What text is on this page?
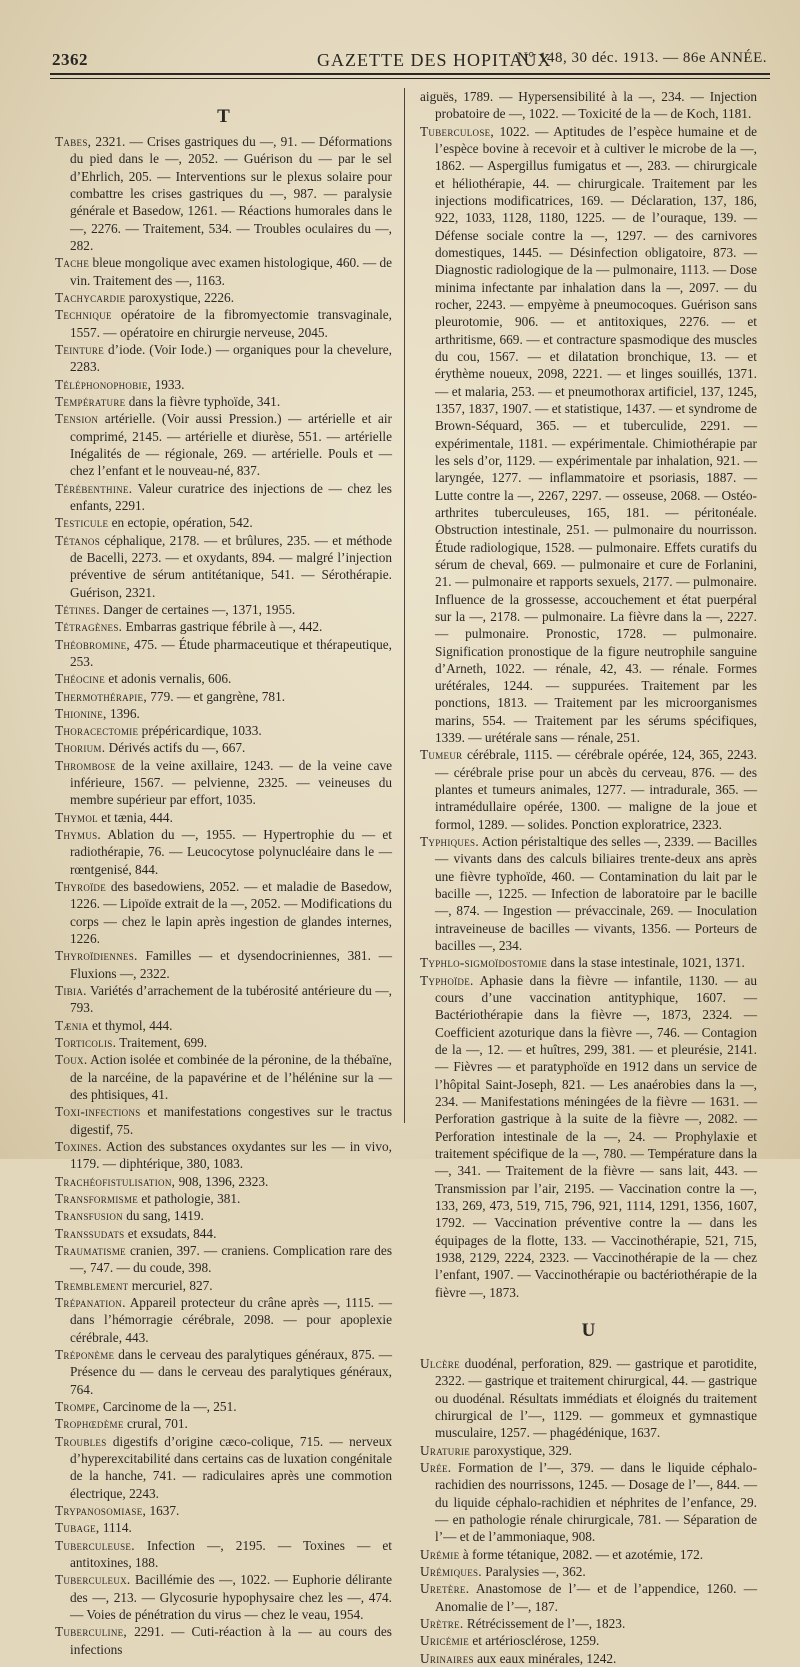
2362	GAZETTE DES HOPITAUX
N° 148, 30 déc. 1913. — 86e ANNÉE.
T

Tabes, 2321. — Crises gastriques du —, 91. — Déformations du pied dans le —, 2052. — Guérison du — par le sel d’Ehrlich, 205. — Interventions sur le plexus solaire pour combattre les crises gastriques du —, 987. — paralysie générale et Basedow, 1261. — Réactions humorales dans le —, 2276. — Traitement, 534. — Troubles oculaires du —, 282.

Tache bleue mongolique avec examen histologique, 460. — de vin. Traitement des —, 1163.

Tachycardie paroxystique, 2226.

Technique opératoire de la fibromyectomie transvaginale, 1557. — opératoire en chirurgie nerveuse, 2045.

Teinture d’iode. (Voir Iode.) — organiques pour la chevelure, 2283.

Téléphonophobie, 1933.

Température dans la fièvre typhoïde, 341.

Tension artérielle. (Voir aussi Pression.) — artérielle et air comprimé, 2145. — artérielle et diurèse, 551. — artérielle Inégalités de — régionale, 269. — artérielle. Pouls et — chez l’enfant et le nouveau-né, 837.

Térébenthine. Valeur curatrice des injections de — chez les enfants, 2291.

Testicule en ectopie, opération, 542.

Tétanos céphalique, 2178. — et brûlures, 235. — et méthode de Bacelli, 2273. — et oxydants, 894. — malgré l’injection préventive de sérum antitétanique, 541. — Sérothérapie. Guérison, 2321.

Tétines. Danger de certaines —, 1371, 1955.

Tétragènes. Embarras gastrique fébrile à —, 442.

Théobromine, 475. — Étude pharmaceutique et thérapeutique, 253.

Théocine et adonis vernalis, 606.

Thermothérapie, 779. — et gangrène, 781.

Thionine, 1396.

Thoracectomie prépéricardique, 1033.

Thorium. Dérivés actifs du —, 667.

Thrombose de la veine axillaire, 1243. — de la veine cave inférieure, 1567. — pelvienne, 2325. — veineuses du membre supérieur par effort, 1035.

Thymol et tænia, 444.

Thymus. Ablation du —, 1955. — Hypertrophie du — et radiothérapie, 76. — Leucocytose polynucléaire dans le — rœntgenisé, 844.

Thyroïde des basedowiens, 2052. — et maladie de Basedow, 1226. — Lipoïde extrait de la —, 2052. — Modifications du corps — chez le lapin après ingestion de glandes internes, 1226.

Thyroïdiennes. Familles — et dysendocriniennes, 381. — Fluxions —, 2322.

Tibia. Variétés d’arrachement de la tubérosité antérieure du —, 793.

Tænia et thymol, 444.

Torticolis. Traitement, 699.

Toux. Action isolée et combinée de la péronine, de la thébaïne, de la narcéine, de la papavérine et de l’hélénine sur la — des phtisiques, 41.

Toxi-infections et manifestations congestives sur le tractus digestif, 75.

Toxines. Action des substances oxydantes sur les — in vivo, 1179. — diphtérique, 380, 1083.

Trachéofistulisation, 908, 1396, 2323.

Transformisme et pathologie, 381.

Transfusion du sang, 1419.

Transsudats et exsudats, 844.

Traumatisme cranien, 397. — craniens. Complication rare des —, 747. — du coude, 398.

Tremblement mercuriel, 827.

Trépanation. Appareil protecteur du crâne après —, 1115. — dans l’hémorragie cérébrale, 2098. — pour apoplexie cérébrale, 443.

Tréponème dans le cerveau des paralytiques généraux, 875. — Présence du — dans le cerveau des paralytiques généraux, 764.

Trompe, Carcinome de la —, 251.

Trophœdème crural, 701.

Troubles digestifs d’origine cæco-colique, 715. — nerveux d’hyperexcitabilité dans certains cas de luxation congénitale de la hanche, 741. — radiculaires après une commotion électrique, 2243.

Trypanosomiase, 1637.

Tubage, 1114.

Tuberculeuse. Infection —, 2195. — Toxines — et antitoxines, 188.

Tuberculeux. Bacillémie des —, 1022. — Euphorie délirante des —, 213. — Glycosurie hypophysaire chez les —, 474. — Voies de pénétration du virus — chez le veau, 1954.

Tuberculine, 2291. — Cuti-réaction à la — au cours des infections

aiguës, 1789. — Hypersensibilité à la —, 234. — Injection probatoire de —, 1022. — Toxicité de la — de Koch, 1181.

Tuberculose, 1022. — Aptitudes de l’espèce humaine et de l’espèce bovine à recevoir et à cultiver le microbe de la —, 1862. — Aspergillus fumigatus et —, 283. — chirurgicale et héliothérapie, 44. — chirurgicale. Traitement par les injections modificatrices, 169. — Déclaration, 137, 186, 922, 1033, 1128, 1180, 1225. — de l’ouraque, 139. — Défense sociale contre la —, 1297. — des carnivores domestiques, 1445. — Désinfection obligatoire, 873. — Diagnostic radiologique de la — pulmonaire, 1113. — Dose minima infectante par inhalation dans la —, 2097. — du rocher, 2243. — empyème à pneumocoques. Guérison sans pleurotomie, 906. — et antitoxiques, 2276. — et arthritisme, 669. — et contracture spasmodique des muscles du cou, 1567. — et dilatation bronchique, 13. — et érythème noueux, 2098, 2221. — et linges souillés, 1371. — et malaria, 253. — et pneumothorax artificiel, 137, 1245, 1357, 1837, 1907. — et statistique, 1437. — et syndrome de Brown-Séquard, 365. — et tuberculide, 2291. — expérimentale, 1181. — expérimentale. Chimiothérapie par les sels d’or, 1129. — expérimentale par inhalation, 921. — laryngée, 1277. — inflammatoire et psoriasis, 1887. — Lutte contre la —, 2267, 2297. — osseuse, 2068. — Ostéo-arthrites tuberculeuses, 165, 181. — péritonéale. Obstruction intestinale, 251. — pulmonaire du nourrisson. Étude radiologique, 1528. — pulmonaire. Effets curatifs du sérum de cheval, 669. — pulmonaire et cure de Forlanini, 21. — pulmonaire et rapports sexuels, 2177. — pulmonaire. Influence de la grossesse, accouchement et état puerpéral sur la —, 2178. — pulmonaire. La fièvre dans la —, 2227. — pulmonaire. Pronostic, 1728. — pulmonaire. Signification pronostique de la figure neutrophile sanguine d’Arneth, 1022. — rénale, 42, 43. — rénale. Formes urétérales, 1244. — suppurées. Traitement par les ponctions, 1813. — Traitement par les microorganismes marins, 554. — Traitement par les sérums spécifiques, 1339. — urétérale sans — rénale, 251.

Tumeur cérébrale, 1115. — cérébrale opérée, 124, 365, 2243. — cérébrale prise pour un abcès du cerveau, 876. — des plantes et tumeurs animales, 1277. — intradurale, 365. — intramédullaire opérée, 1300. — maligne de la joue et formol, 1289. — solides. Ponction exploratrice, 2323.

Typhiques. Action péristaltique des selles —, 2339. — Bacilles — vivants dans des calculs biliaires trente-deux ans après une fièvre typhoïde, 460. — Contamination du lait par le bacille —, 1225. — Infection de laboratoire par le bacille —, 874. — Ingestion — prévaccinale, 269. — Inoculation intraveineuse de bacilles — vivants, 1356. — Porteurs de bacilles —, 234.

Typhlo-sigmoïdostomie dans la stase intestinale, 1021, 1371.

Typhoïde. Aphasie dans la fièvre — infantile, 1130. — au cours d’une vaccination antityphique, 1607. — Bactériothérapie dans la fièvre —, 1873, 2324. — Coefficient azoturique dans la fièvre —, 746. — Contagion de la —, 12. — et huîtres, 299, 381. — et pleurésie, 2141. — Fièvres — et paratyphoïde en 1912 dans un service de l’hôpital Saint-Joseph, 821. — Les anaérobies dans la —, 234. — Manifestations méningées de la fièvre — 1631. — Perforation gastrique à la suite de la fièvre —, 2082. — Perforation intestinale de la —, 24. — Prophylaxie et traitement spécifique de la —, 780. — Température dans la —, 341. — Traitement de la fièvre — sans lait, 443. — Transmission par l’air, 2195. — Vaccination contre la —, 133, 269, 473, 519, 715, 796, 921, 1114, 1291, 1356, 1607, 1792. — Vaccination préventive contre la — dans les équipages de la flotte, 133. — Vaccinothérapie, 521, 715, 1938, 2129, 2224, 2323. — Vaccinothérapie de la — chez l’enfant, 1907. — Vaccinothérapie ou bactériothérapie de la fièvre —, 1873.

U

Ulcère duodénal, perforation, 829. — gastrique et parotidite, 2322. — gastrique et traitement chirurgical, 44. — gastrique ou duodénal. Résultats immédiats et éloignés du traitement chirurgical de l’—, 1129. — gommeux et gymnastique musculaire, 1257. — phagédénique, 1637.

Uraturie paroxystique, 329.

Urée. Formation de l’—, 379. — dans le liquide céphalo-rachidien des nourrissons, 1245. — Dosage de l’—, 844. — du liquide céphalo-rachidien et néphrites de l’enfance, 29. — en pathologie rénale chirurgicale, 781. — Séparation de l’— et de l’ammoniaque, 908.

Urémie à forme tétanique, 2082. — et azotémie, 172.

Urémiques. Paralysies —, 362.

Uretère. Anastomose de l’— et de l’appendice, 1260. — Anomalie de l’—, 187.

Urètre. Rétrécissement de l’—, 1823.

Uricémie et artériosclérose, 1259.

Urinaires aux eaux minérales, 1242.
